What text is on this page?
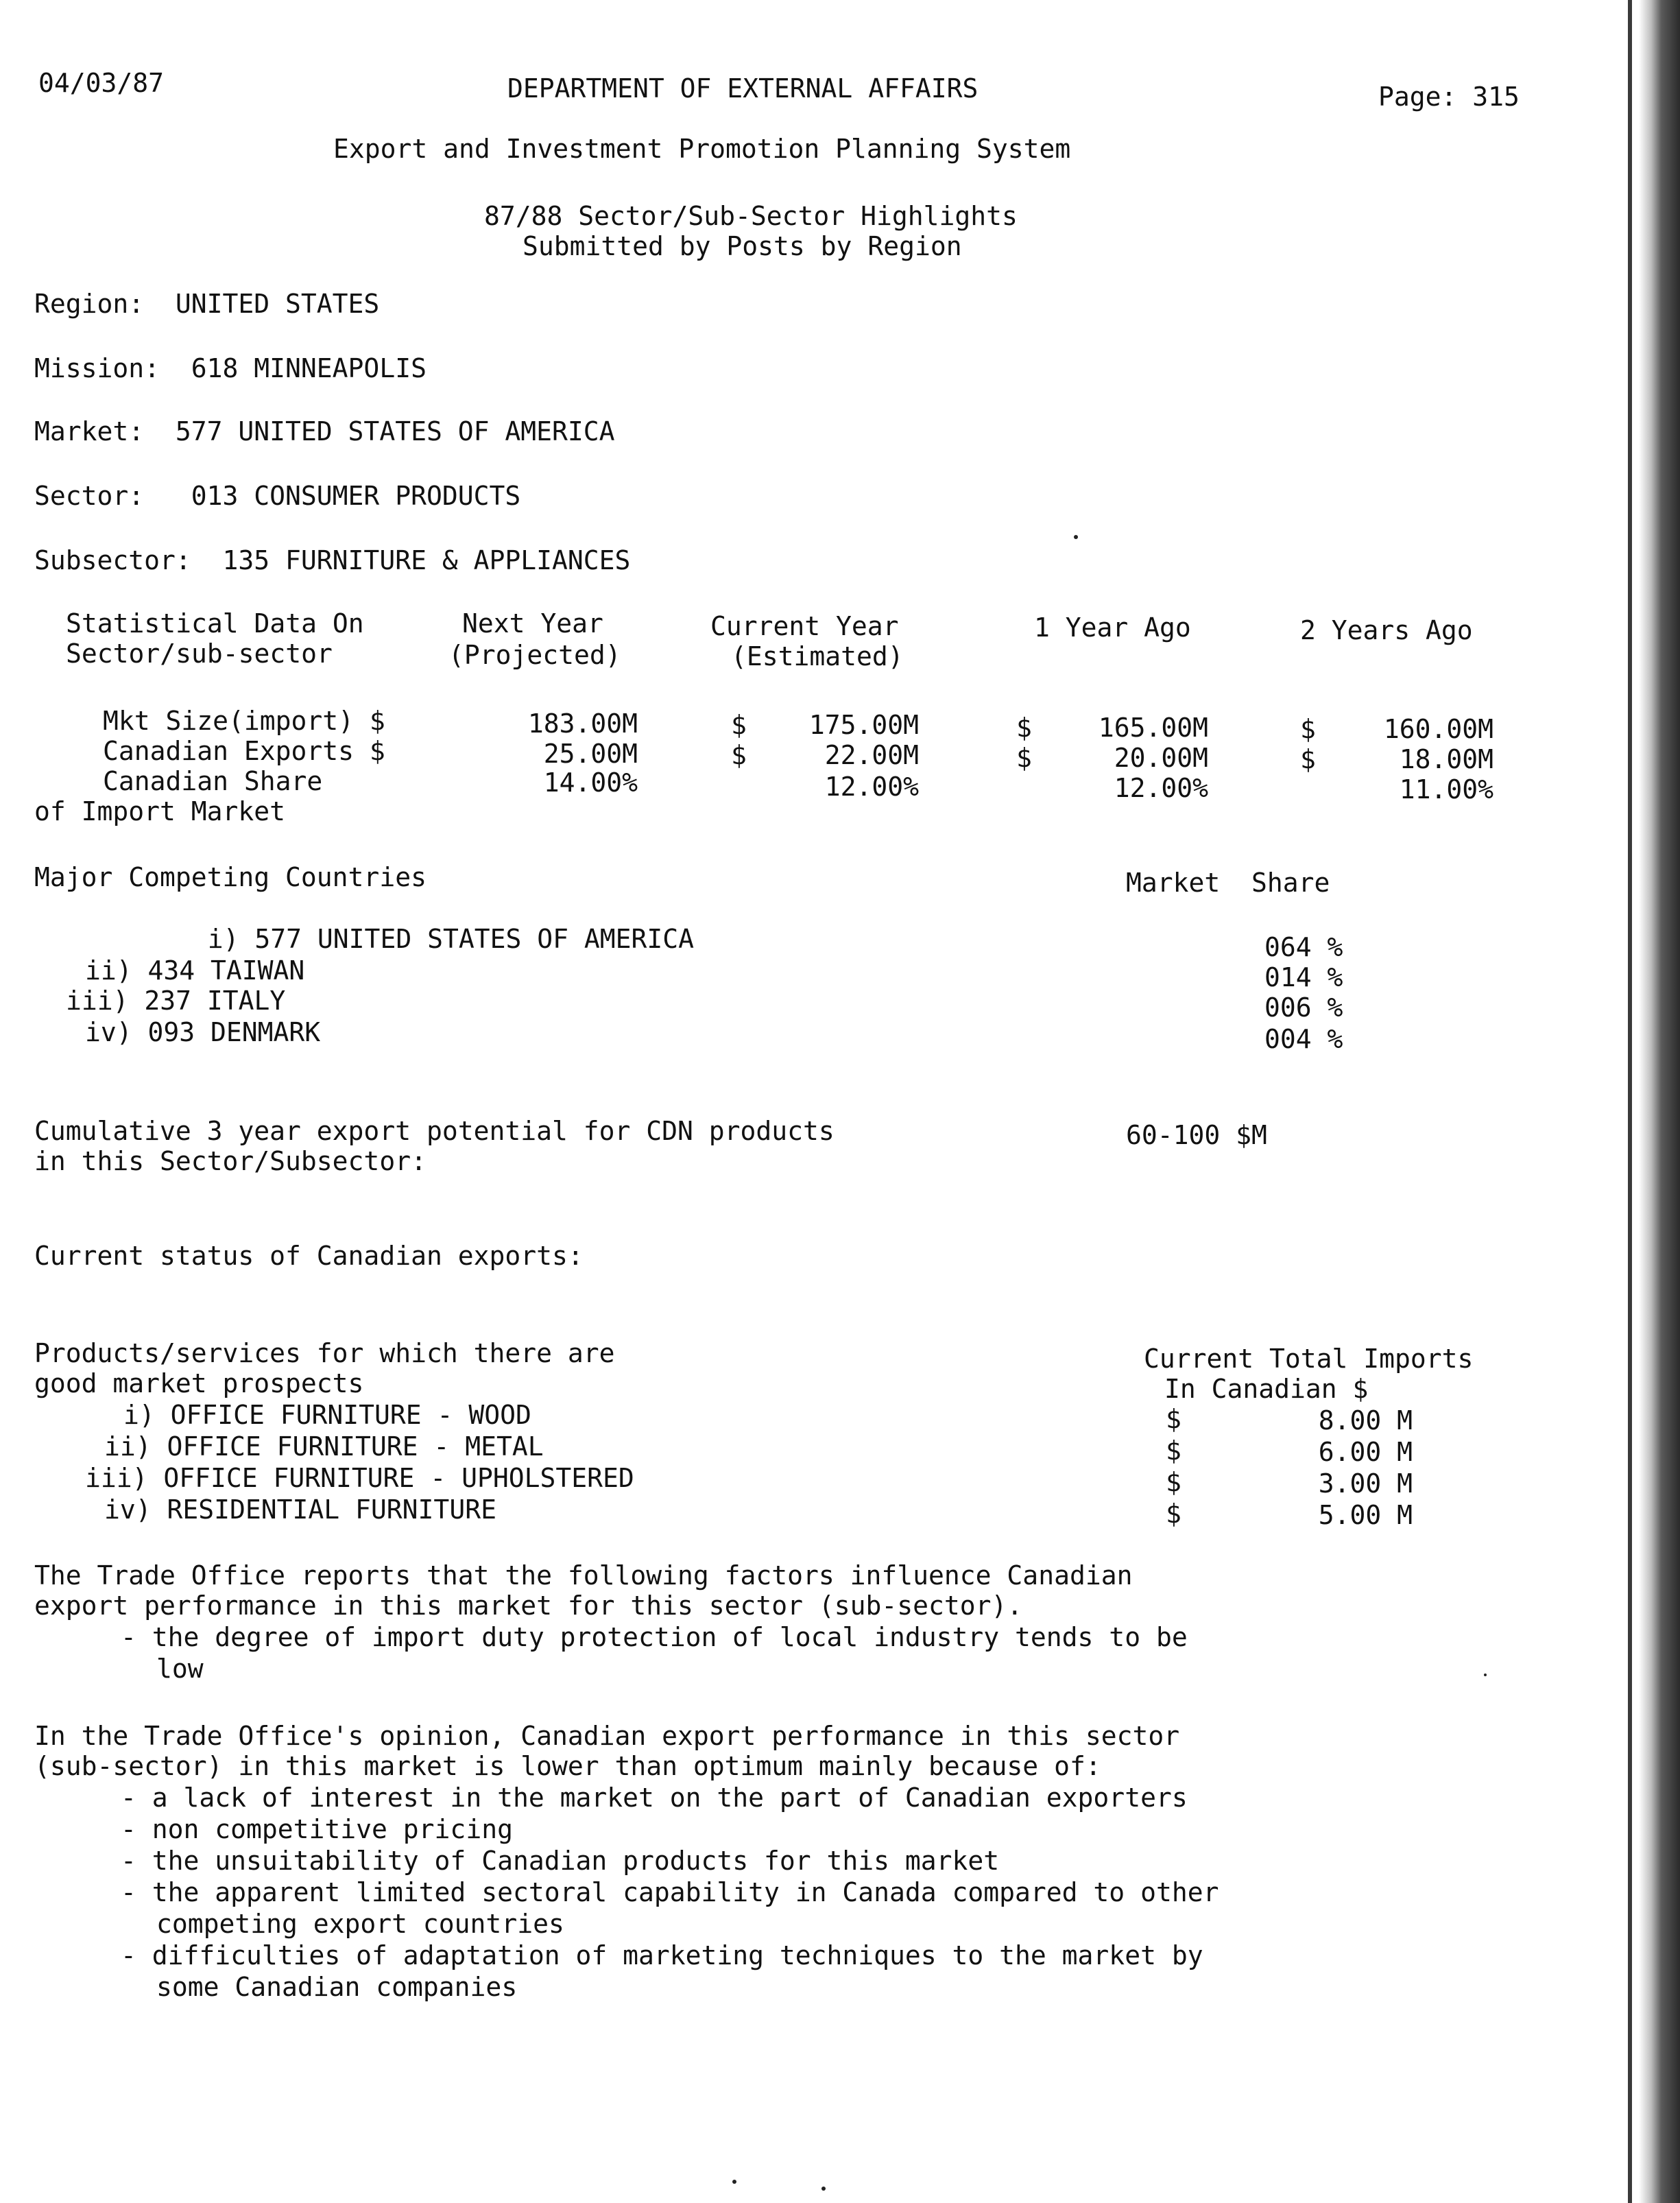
04/03/87	DEPARTMENT OF EXTERNAL AFFAIRS	Page: 315
Export and Investment Promotion Planning System
87/88 Sector/Sub-Sector Highlights
Submitted by Posts by Region
Region:  UNITED STATES
Mission:  618 MINNEAPOLIS
Market:  577 UNITED STATES OF AMERICA
Sector:   013 CONSUMER PRODUCTS
Subsector:  135 FURNITURE & APPLIANCES
Statistical Data On
Sector/sub-sector
Next Year
(Projected)
Current Year
(Estimated)
1 Year Ago	2 Years Ago
Mkt Size(import) $	183.00M	$	175.00M	$	165.00M	$	160.00M
Canadian Exports $	25.00M	$	22.00M	$	20.00M	$	18.00M
Canadian Share	14.00%	12.00%	12.00%	11.00%
of Import Market
Major Competing Countries	Market  Share
i) 577 UNITED STATES OF AMERICA	064 %
ii) 434 TAIWAN	014 %
iii) 237 ITALY	006 %
iv) 093 DENMARK	004 %
Cumulative 3 year export potential for CDN products
in this Sector/Subsector:
60-100 $M
Current status of Canadian exports:
Products/services for which there are
good market prospects
Current Total Imports
In Canadian $
i) OFFICE FURNITURE - WOOD	$	8.00 M
ii) OFFICE FURNITURE - METAL	$	6.00 M
iii) OFFICE FURNITURE - UPHOLSTERED	$	3.00 M
iv) RESIDENTIAL FURNITURE	$	5.00 M
The Trade Office reports that the following factors influence Canadian
export performance in this market for this sector (sub-sector).
- the degree of import duty protection of local industry tends to be
low
In the Trade Office's opinion, Canadian export performance in this sector
(sub-sector) in this market is lower than optimum mainly because of:
- a lack of interest in the market on the part of Canadian exporters
- non competitive pricing
- the unsuitability of Canadian products for this market
- the apparent limited sectoral capability in Canada compared to other
competing export countries
- difficulties of adaptation of marketing techniques to the market by
some Canadian companies
